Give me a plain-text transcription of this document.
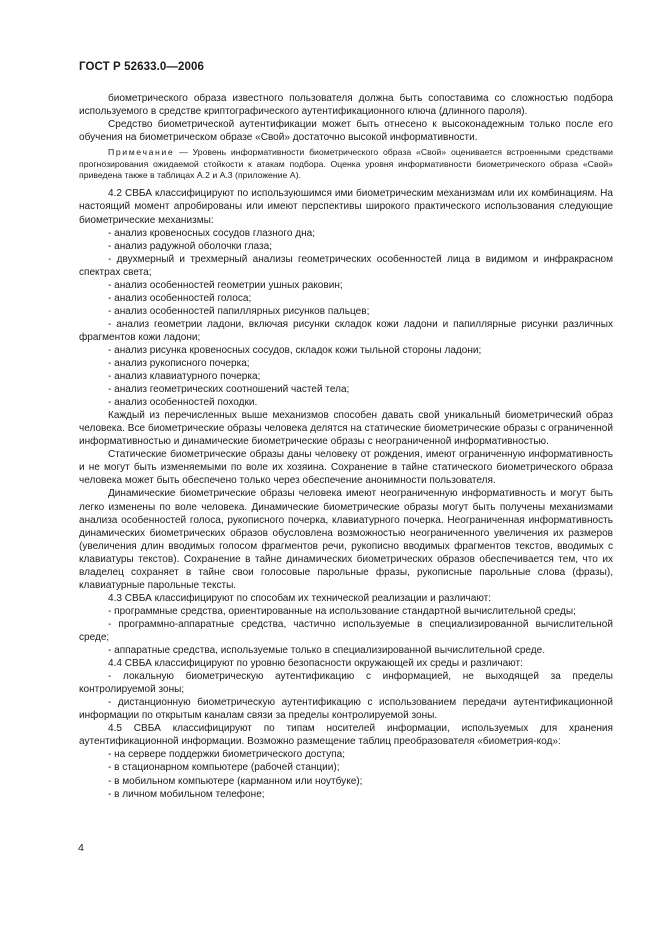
ГОСТ Р 52633.0—2006

биометрического образа известного пользователя должна быть сопоставима со сложностью подбора используемого в средстве криптографического аутентификационного ключа (длинного пароля).

Средство биометрической аутентификации может быть отнесено к высоконадежным только после его обучения на биометрическом образе «Свой» достаточно высокой информативности.

Примечание — Уровень информативности биометрического образа «Свой» оценивается встроенными средствами прогнозирования ожидаемой стойкости к атакам подбора. Оценка уровня информативности биометрического образа «Свой» приведена также в таблицах А.2 и А.3 (приложение А).

4.2 СВБА классифицируют по используюшимся ими биометрическим механизмам или их комбинациям. На настоящий момент апробированы или имеют перспективы широкого практического использования следующие биометрические механизмы:

- анализ кровеносных сосудов глазного дна;

- анализ радужной оболочки глаза;

- двухмерный и трехмерный анализы геометрических особенностей лица в видимом и инфракрасном спектрах света;

- анализ особенностей геометрии ушных раковин;

- анализ особенностей голоса;

- анализ особенностей папиллярных рисунков пальцев;

- анализ геометрии ладони, включая рисунки складок кожи ладони и папиллярные рисунки различных фрагментов кожи ладони;

- анализ рисунка кровеносных сосудов, складок кожи тыльной стороны ладони;

- анализ рукописного почерка;

- анализ клавиатурного почерка;

- анализ геометрических соотношений частей тела;

- анализ особенностей походки.

Каждый из перечисленных выше механизмов способен давать свой уникальный биометрический образ человека. Все биометрические образы человека делятся на статические биометрические образы с ограниченной информативностью и динамические биометрические образы с неограниченной информативностью.

Статические биометрические образы даны человеку от рождения, имеют ограниченную информативность и не могут быть изменяемыми по воле их хозяина. Сохранение в тайне статического биометрического образа человека может быть обеспечено только через обеспечение анонимности пользователя.

Динамические биометрические образы человека имеют неограниченную информативность и могут быть легко изменены по воле человека. Динамические биометрические образы могут быть получены механизмами анализа особенностей голоса, рукописного почерка, клавиатурного почерка. Неограниченная информативность динамических биометрических образов обусловлена возможностью неограниченного увеличения их размеров (увеличения длин вводимых голосом фрагментов речи, рукописно вводимых фрагментов текстов, вводимых с клавиатуры текстов). Сохранение в тайне динамических биометрических образов обеспечивается тем, что их владелец сохраняет в тайне свои голосовые парольные фразы, рукописные парольные слова (фразы), клавиатурные парольные тексты.

4.3 СВБА классифицируют по способам их технической реализации и различают:

- программные средства, ориентированные на использование стандартной вычислительной среды;

- программно-аппаратные средства, частично используемые в специализированной вычислительной среде;

- аппаратные средства, используемые только в специализированной вычислительной среде.

4.4 СВБА классифицируют по уровню безопасности окружающей их среды и различают:

- локальную биометрическую аутентификацию с информацией, не выходящей за пределы контролируемой зоны;

- дистанционную биометрическую аутентификацию с использованием передачи аутентификационной информации по открытым каналам связи за пределы контролируемой зоны.

4.5 СВБА классифицируют по типам носителей информации, используемых для хранения аутентификационной информации. Возможно размещение таблиц преобразователя «биометрия-код»:

- на сервере поддержки биометрического доступа;

- в стационарном компьютере (рабочей станции);

- в мобильном компьютере (карманном или ноутбуке);

- в личном мобильном телефоне;

4
